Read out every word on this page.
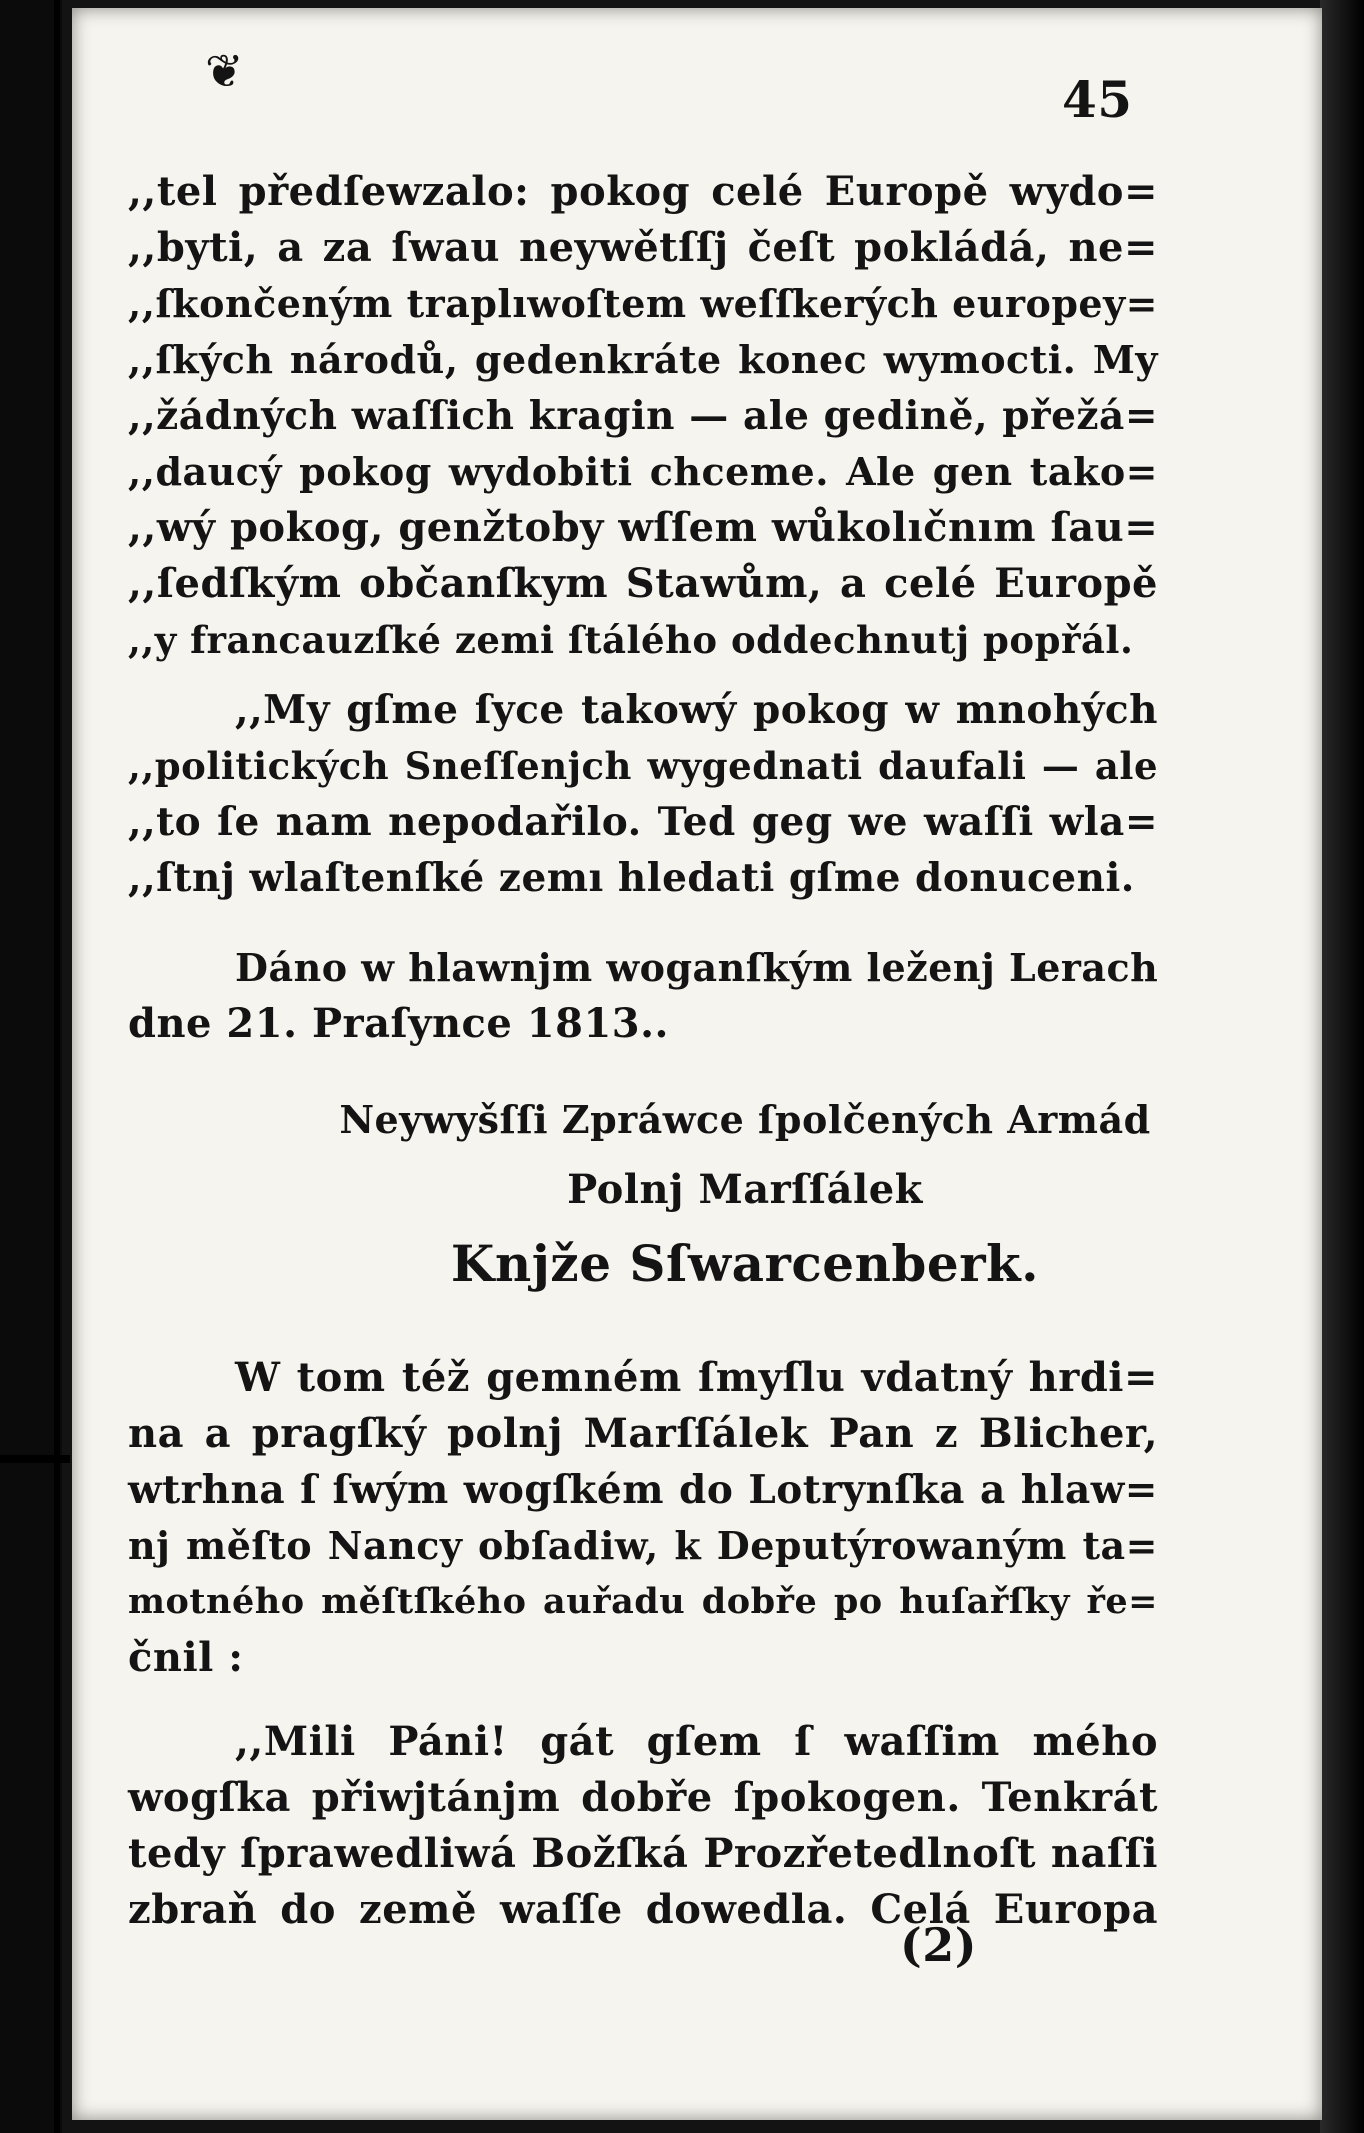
❦	45
,,tel předſewzalo: pokog celé Europě wydo=
,,byti, a za ſwau neywětſſj čeſt pokládá, ne=
,,ſkončeným traplıwoſtem weſſkerých europey=
,,ſkých národů, gedenkráte konec wymocti. My
,,žádných waſſich kragin — ale gedině, přežá=
,,daucý pokog wydobiti chceme. Ale gen tako=
,,wý pokog, genžtoby wſſem wůkolıčnım ſau=
,,ſedſkým občanſkym Stawům, a celé Europě
,,y francauzſké zemi ſtálého oddechnutj popřál.
,,My gſme ſyce takowý pokog w mnohých
,,politických Sneſſenjch wygednati daufali — ale
,,to ſe nam nepodařilo. Ted geg we waſſi wla=
,,ſtnj wlaſtenſké zemı hledati gſme donuceni.
Dáno w hlawnjm woganſkým leženj Lerach
dne 21. Praſynce 1813..
Neywyšſſi Zpráwce ſpolčených Armád
Polnj Marſſálek
Knjže Sſwarcenberk.
W tom též gemném ſmyſlu vdatný hrdi=
na a pragſký polnj Marſſálek Pan z Blicher,
wtrhna ſ ſwým wogſkém do Lotrynſka a hlaw=
nj měſto Nancy obſadiw, k Deputýrowaným ta=
motného měſtſkého auřadu dobře po huſařſky ře=
čnil :
,,Mili Páni! gát gſem ſ waſſim mého
wogſka přiwjtánjm dobře ſpokogen. Tenkrát
tedy ſprawedliwá Božſká Prozřetedlnoſt naſſi
zbraň do země waſſe dowedla. Celá Europa
(2)
